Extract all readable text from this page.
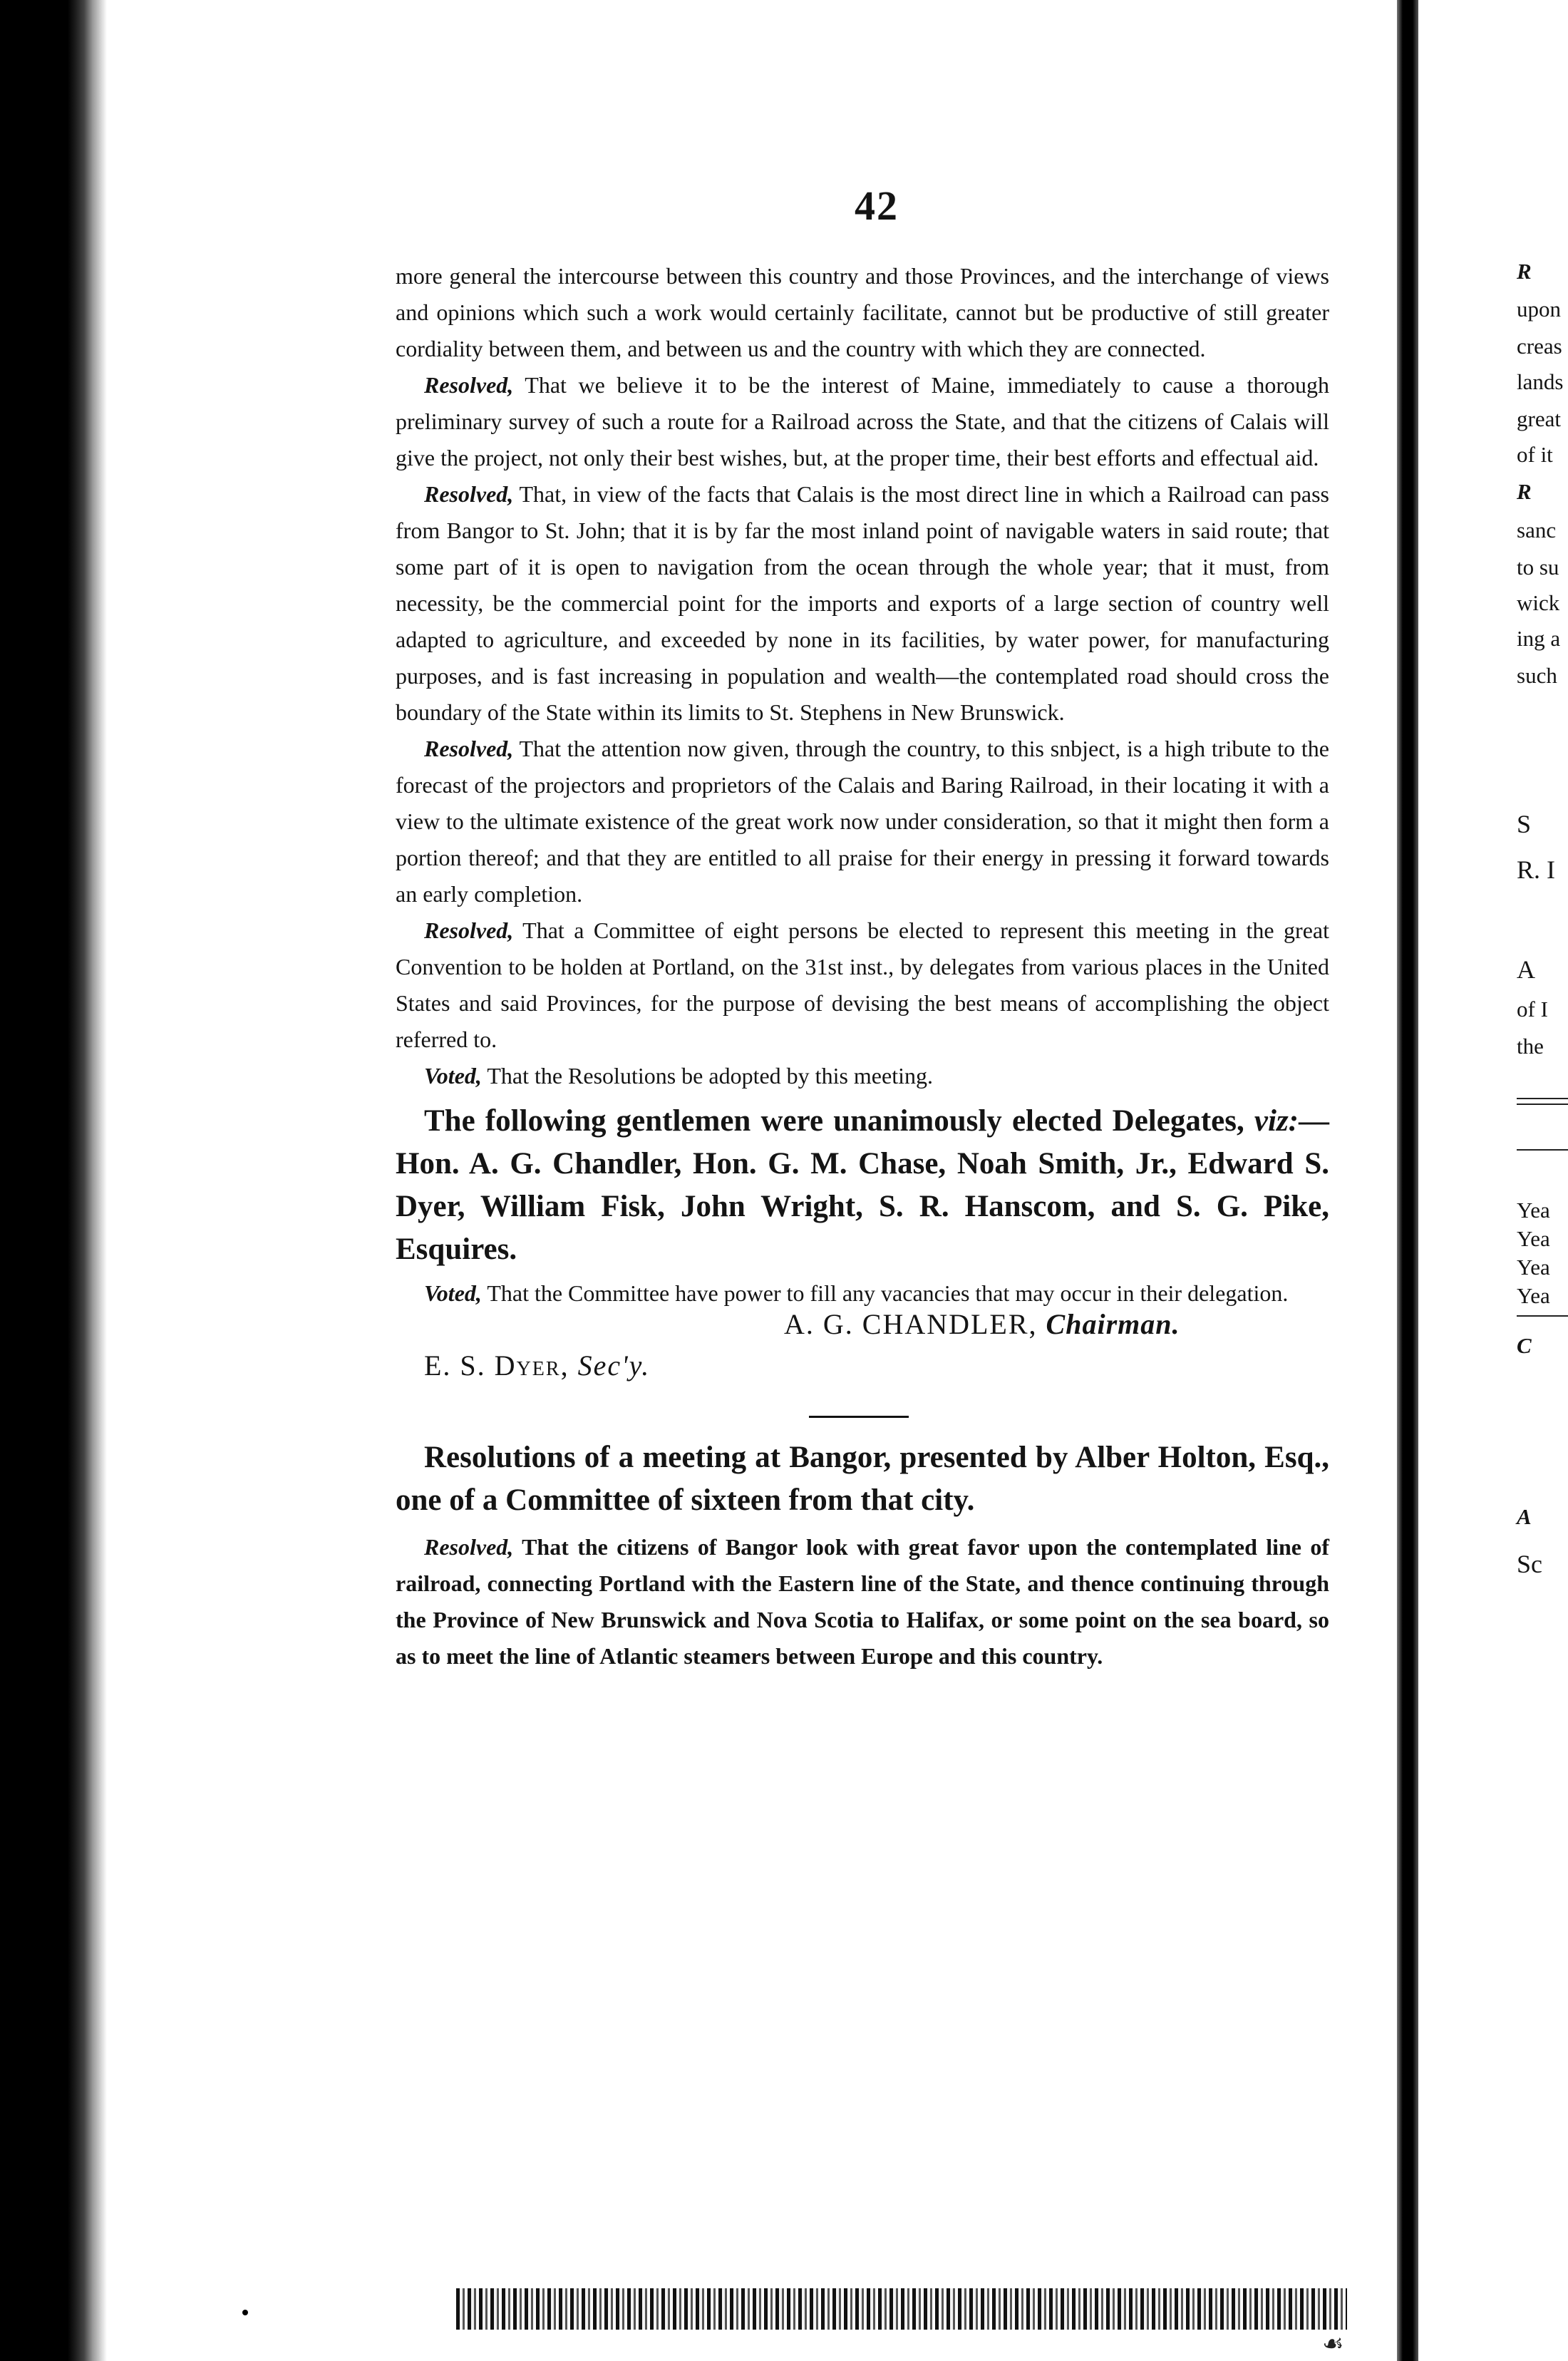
R
upon
creas
lands
great
of it
R
sanc
to su
wick
ing a
such
S
R. I
A
of I
the
Yea
Yea
Yea
Yea
C
A
Sc
42

more general the intercourse between this country and those Provinces, and the interchange of views and opinions which such a work would certainly facilitate, cannot but be productive of still greater cordiality between them, and between us and the country with which they are connected.

Resolved, That we believe it to be the interest of Maine, immediately to cause a thorough preliminary survey of such a route for a Railroad across the State, and that the citizens of Calais will give the project, not only their best wishes, but, at the proper time, their best efforts and effectual aid.

Resolved, That, in view of the facts that Calais is the most direct line in which a Railroad can pass from Bangor to St. John; that it is by far the most inland point of navigable waters in said route; that some part of it is open to navigation from the ocean through the whole year; that it must, from necessity, be the commercial point for the imports and exports of a large section of country well adapted to agriculture, and exceeded by none in its facilities, by water power, for manufacturing purposes, and is fast increasing in population and wealth—the contemplated road should cross the boundary of the State within its limits to St. Stephens in New Brunswick.

Resolved, That the attention now given, through the country, to this snbject, is a high tribute to the forecast of the projectors and proprietors of the Calais and Baring Railroad, in their locating it with a view to the ultimate existence of the great work now under consideration, so that it might then form a portion thereof; and that they are entitled to all praise for their energy in pressing it forward towards an early completion.

Resolved, That a Committee of eight persons be elected to represent this meeting in the great Convention to be holden at Portland, on the 31st inst., by delegates from various places in the United States and said Provinces, for the purpose of devising the best means of accomplishing the object referred to.

Voted, That the Resolutions be adopted by this meeting.

The following gentlemen were unanimously elected Delegates, viz:—Hon. A. G. Chandler, Hon. G. M. Chase, Noah Smith, Jr., Edward S. Dyer, William Fisk, John Wright, S. R. Hanscom, and S. G. Pike, Esquires.

Voted, That the Committee have power to fill any vacancies that may occur in their delegation.

A. G. CHANDLER, Chairman.
E. S. Dyer, Sec'y.

Resolutions of a meeting at Bangor, presented by Alber Holton, Esq., one of a Committee of sixteen from that city.

Resolved, That the citizens of Bangor look with great favor upon the contemplated line of railroad, connecting Portland with the Eastern line of the State, and thence continuing through the Province of New Brunswick and Nova Scotia to Halifax, or some point on the sea board, so as to meet the line of Atlantic steamers between Europe and this country.

☙
